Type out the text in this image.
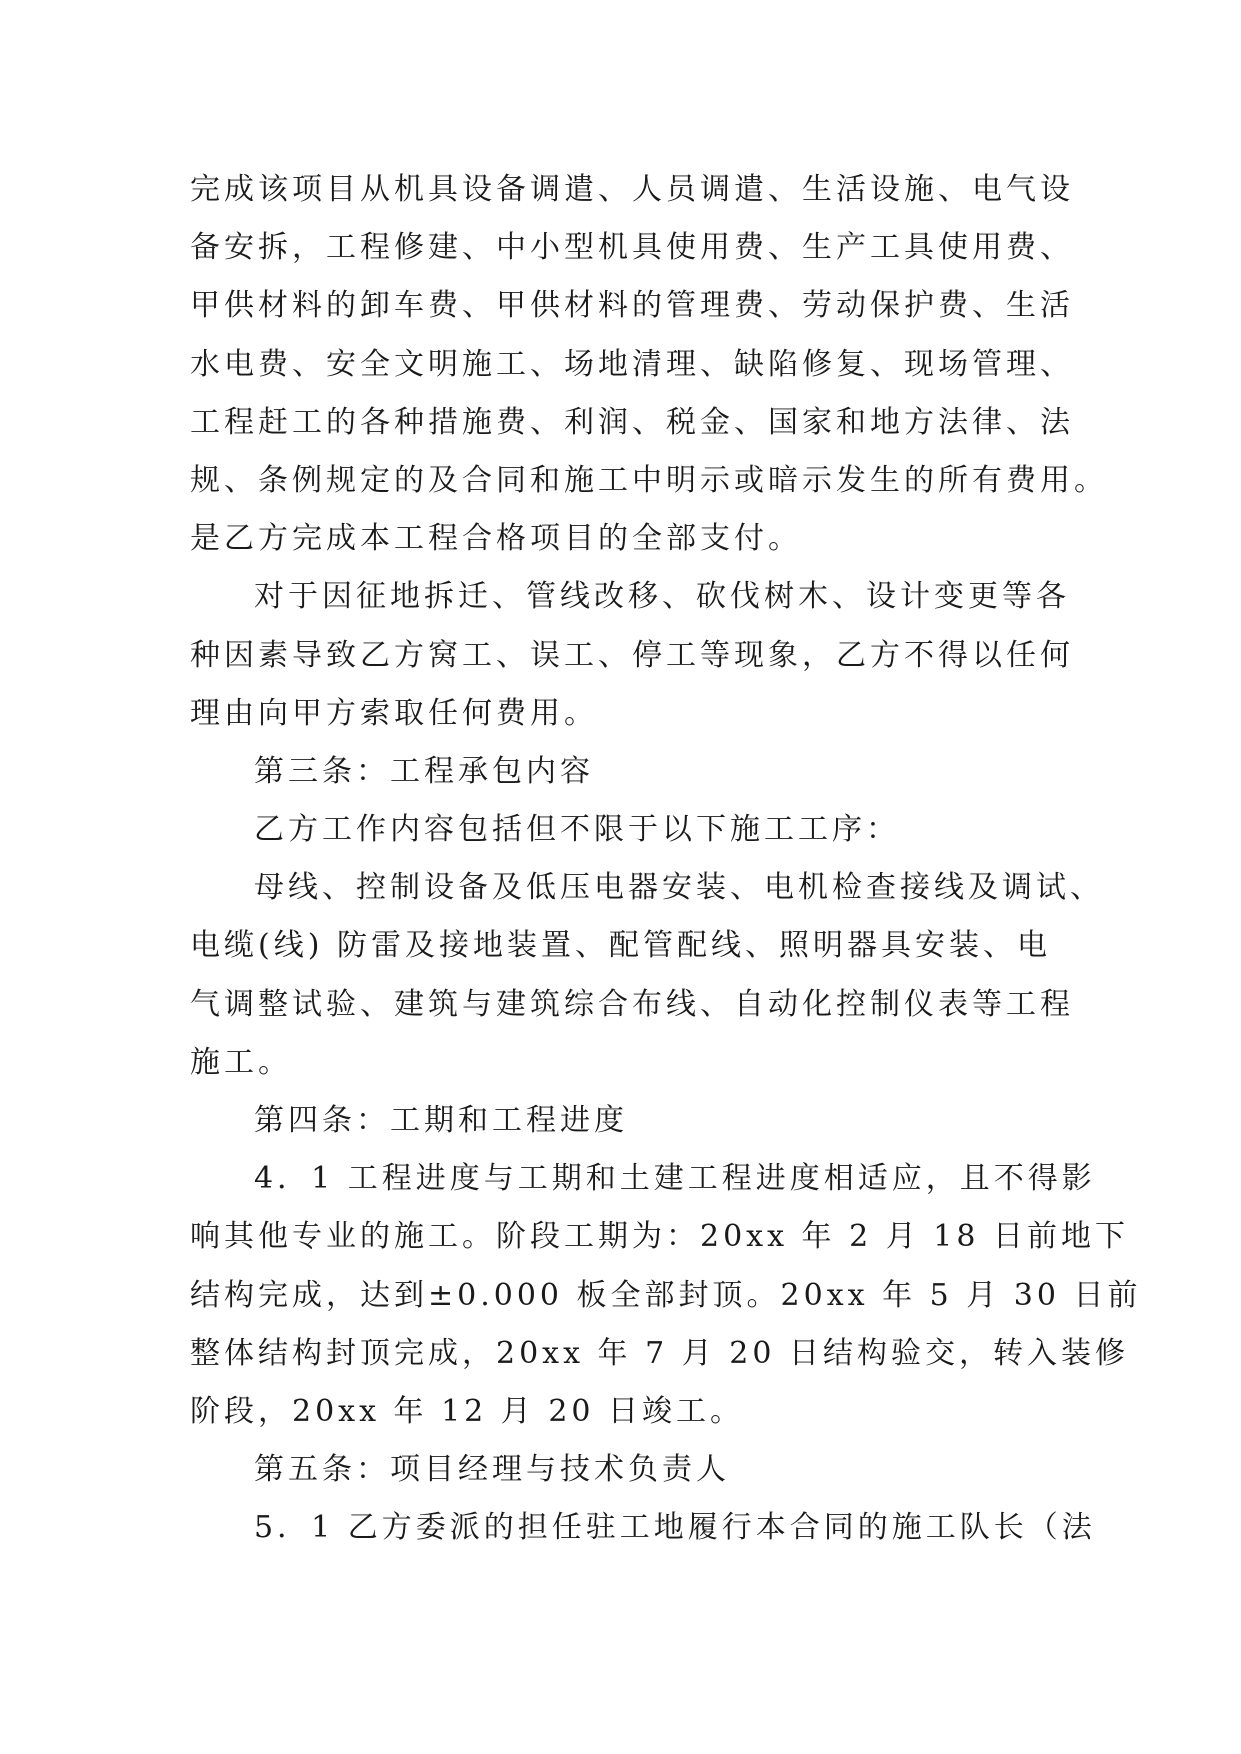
完成该项目从机具设备调遣、人员调遣、生活设施、电气设
备安拆，工程修建、中小型机具使用费、生产工具使用费、
甲供材料的卸车费、甲供材料的管理费、劳动保护费、生活
水电费、安全文明施工、场地清理、缺陷修复、现场管理、
工程赶工的各种措施费、利润、税金、国家和地方法律、法
规、条例规定的及合同和施工中明示或暗示发生的所有费用。
是乙方完成本工程合格项目的全部支付。
对于因征地拆迁、管线改移、砍伐树木、设计变更等各
种因素导致乙方窝工、误工、停工等现象，乙方不得以任何
理由向甲方索取任何费用。
第三条：工程承包内容
乙方工作内容包括但不限于以下施工工序：
母线、控制设备及低压电器安装、电机检查接线及调试、
电缆(线) 防雷及接地装置、配管配线、照明器具安装、电
气调整试验、建筑与建筑综合布线、自动化控制仪表等工程
施工。
第四条：工期和工程进度
4．1 工程进度与工期和土建工程进度相适应，且不得影
响其他专业的施工。阶段工期为：20xx 年 2 月 18 日前地下
结构完成，达到±0.000 板全部封顶。20xx 年 5 月 30 日前
整体结构封顶完成，20xx 年 7 月 20 日结构验交，转入装修
阶段，20xx 年 12 月 20 日竣工。
第五条：项目经理与技术负责人
5．1 乙方委派的担任驻工地履行本合同的施工队长（法
